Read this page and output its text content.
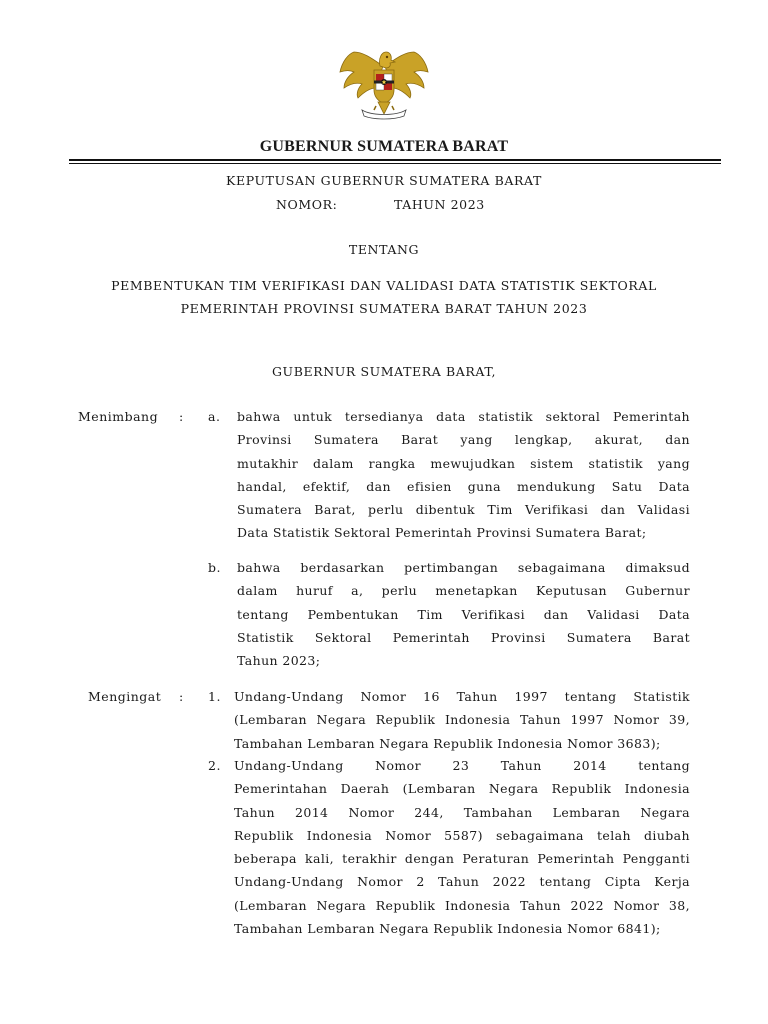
GUBERNUR SUMATERA BARAT
KEPUTUSAN GUBERNUR SUMATERA BARAT
NOMOR:	TAHUN 2023
TENTANG
PEMBENTUKAN TIM VERIFIKASI DAN VALIDASI DATA STATISTIK SEKTORAL
PEMERINTAH PROVINSI SUMATERA BARAT TAHUN 2023
GUBERNUR SUMATERA BARAT,
Menimbang : a. bahwa untuk tersedianya data statistik sektoral Pemerintah
Provinsi Sumatera Barat yang lengkap, akurat, dan
mutakhir dalam rangka mewujudkan sistem statistik yang
handal, efektif, dan efisien guna mendukung Satu Data
Sumatera Barat, perlu dibentuk Tim Verifikasi dan Validasi
Data Statistik Sektoral Pemerintah Provinsi Sumatera Barat;
b. bahwa berdasarkan pertimbangan sebagaimana dimaksud
dalam huruf a, perlu menetapkan Keputusan Gubernur
tentang Pembentukan Tim Verifikasi dan Validasi Data
Statistik Sektoral Pemerintah Provinsi Sumatera Barat
Tahun 2023;
Mengingat : 1. Undang-Undang Nomor 16 Tahun 1997 tentang Statistik
(Lembaran Negara Republik Indonesia Tahun 1997 Nomor 39,
Tambahan Lembaran Negara Republik Indonesia Nomor 3683);
2. Undang-Undang Nomor 23 Tahun 2014 tentang
Pemerintahan Daerah (Lembaran Negara Republik Indonesia
Tahun 2014 Nomor 244, Tambahan Lembaran Negara
Republik Indonesia Nomor 5587) sebagaimana telah diubah
beberapa kali, terakhir dengan Peraturan Pemerintah Pengganti
Undang-Undang Nomor 2 Tahun 2022 tentang Cipta Kerja
(Lembaran Negara Republik Indonesia Tahun 2022 Nomor 38,
Tambahan Lembaran Negara Republik Indonesia Nomor 6841);
